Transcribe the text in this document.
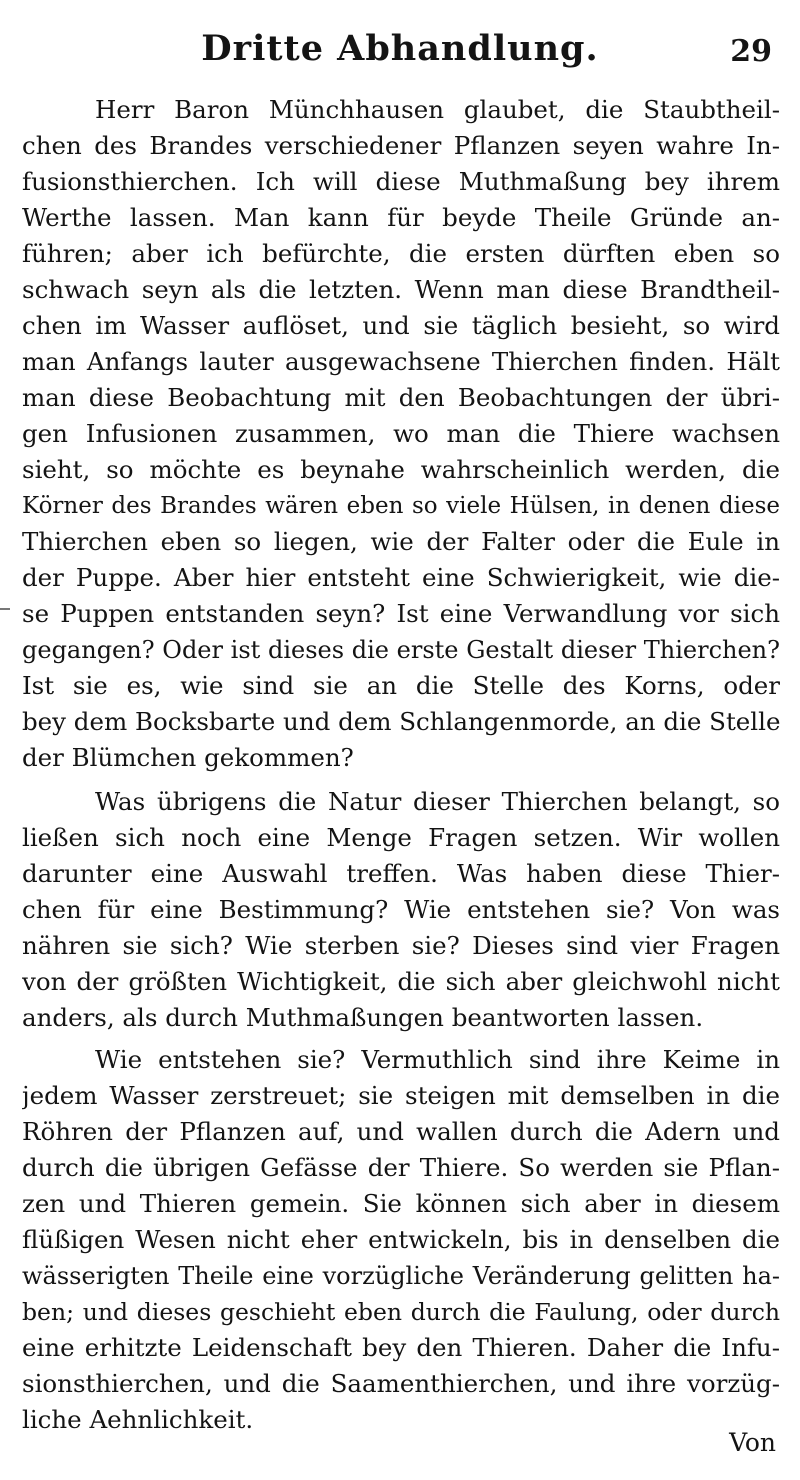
Dritte Abhandlung.	29
Herr Baron Münchhausen glaubet, die Staubtheil-
chen des Brandes verschiedener Pflanzen seyen wahre In-
fusionsthierchen. Ich will diese Muthmaßung bey ihrem
Werthe lassen. Man kann für beyde Theile Gründe an-
führen; aber ich befürchte, die ersten dürften eben so
schwach seyn als die letzten. Wenn man diese Brandtheil-
chen im Wasser auflöset, und sie täglich besieht, so wird
man Anfangs lauter ausgewachsene Thierchen finden. Hält
man diese Beobachtung mit den Beobachtungen der übri-
gen Infusionen zusammen, wo man die Thiere wachsen
sieht, so möchte es beynahe wahrscheinlich werden, die
Körner des Brandes wären eben so viele Hülsen, in denen diese
Thierchen eben so liegen, wie der Falter oder die Eule in
der Puppe. Aber hier entsteht eine Schwierigkeit, wie die-
se Puppen entstanden seyn? Ist eine Verwandlung vor sich
gegangen? Oder ist dieses die erste Gestalt dieser Thierchen?
Ist sie es, wie sind sie an die Stelle des Korns, oder
bey dem Bocksbarte und dem Schlangenmorde, an die Stelle
der Blümchen gekommen?
Was übrigens die Natur dieser Thierchen belangt, so
ließen sich noch eine Menge Fragen setzen. Wir wollen
darunter eine Auswahl treffen. Was haben diese Thier-
chen für eine Bestimmung? Wie entstehen sie? Von was
nähren sie sich? Wie sterben sie? Dieses sind vier Fragen
von der größten Wichtigkeit, die sich aber gleichwohl nicht
anders, als durch Muthmaßungen beantworten lassen.
Wie entstehen sie? Vermuthlich sind ihre Keime in
jedem Wasser zerstreuet; sie steigen mit demselben in die
Röhren der Pflanzen auf, und wallen durch die Adern und
durch die übrigen Gefässe der Thiere. So werden sie Pflan-
zen und Thieren gemein. Sie können sich aber in diesem
flüßigen Wesen nicht eher entwickeln, bis in denselben die
wässerigten Theile eine vorzügliche Veränderung gelitten ha-
ben; und dieses geschieht eben durch die Faulung, oder durch
eine erhitzte Leidenschaft bey den Thieren. Daher die Infu-
sionsthierchen, und die Saamenthierchen, und ihre vorzüg-
liche Aehnlichkeit.
Von
